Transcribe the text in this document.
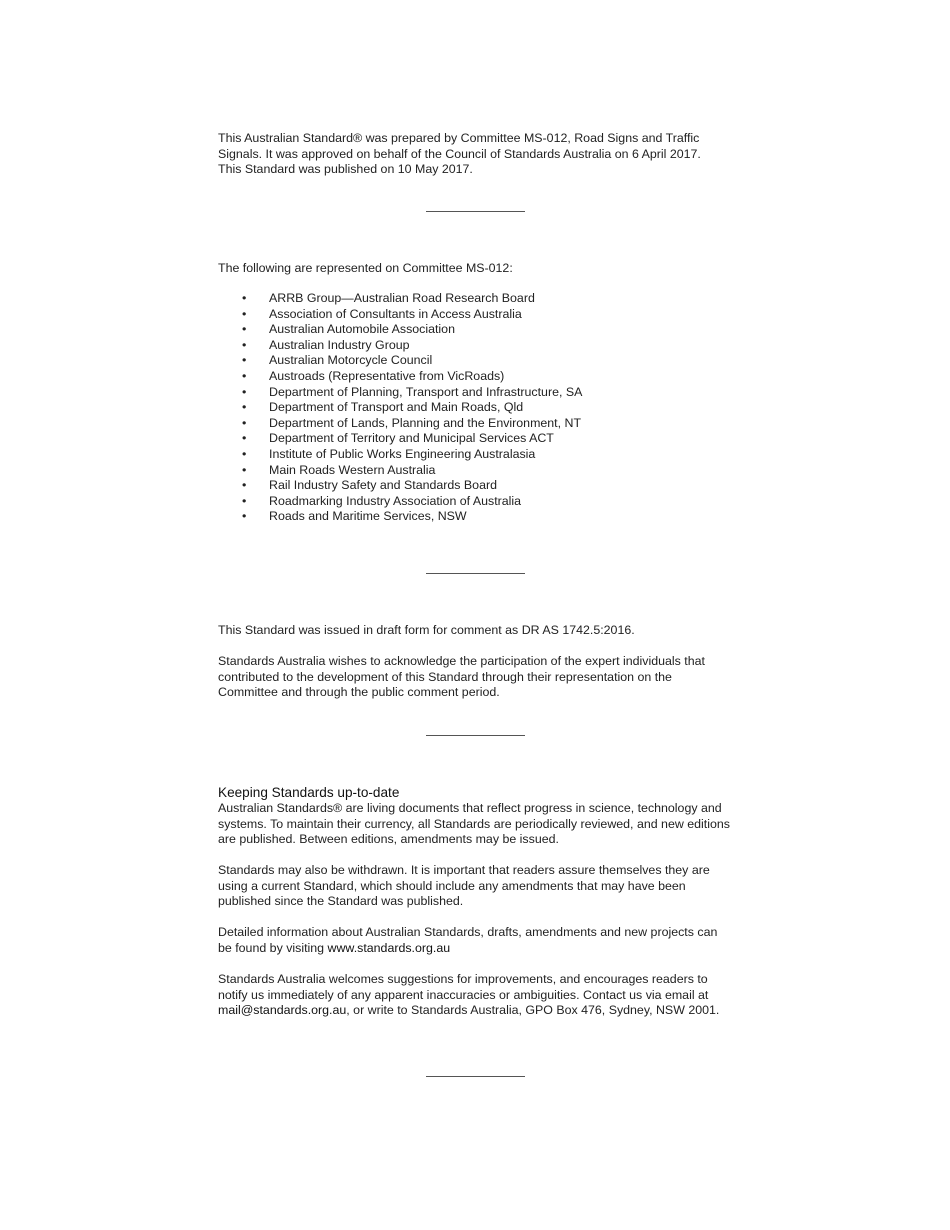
This Australian Standard® was prepared by Committee MS-012, Road Signs and Traffic
Signals. It was approved on behalf of the Council of Standards Australia on 6 April 2017.
This Standard was published on 10 May 2017.
The following are represented on Committee MS-012:
• ARRB Group—Australian Road Research Board
• Association of Consultants in Access Australia
• Australian Automobile Association
• Australian Industry Group
• Australian Motorcycle Council
• Austroads (Representative from VicRoads)
• Department of Planning, Transport and Infrastructure, SA
• Department of Transport and Main Roads, Qld
• Department of Lands, Planning and the Environment, NT
• Department of Territory and Municipal Services ACT
• Institute of Public Works Engineering Australasia
• Main Roads Western Australia
• Rail Industry Safety and Standards Board
• Roadmarking Industry Association of Australia
• Roads and Maritime Services, NSW
This Standard was issued in draft form for comment as DR AS 1742.5:2016.
Standards Australia wishes to acknowledge the participation of the expert individuals that
contributed to the development of this Standard through their representation on the
Committee and through the public comment period.
Keeping Standards up-to-date
Australian Standards® are living documents that reflect progress in science, technology and
systems. To maintain their currency, all Standards are periodically reviewed, and new editions
are published. Between editions, amendments may be issued.
Standards may also be withdrawn. It is important that readers assure themselves they are
using a current Standard, which should include any amendments that may have been
published since the Standard was published.
Detailed information about Australian Standards, drafts, amendments and new projects can
be found by visiting www.standards.org.au
Standards Australia welcomes suggestions for improvements, and encourages readers to
notify us immediately of any apparent inaccuracies or ambiguities. Contact us via email at
mail@standards.org.au, or write to Standards Australia, GPO Box 476, Sydney, NSW 2001.
